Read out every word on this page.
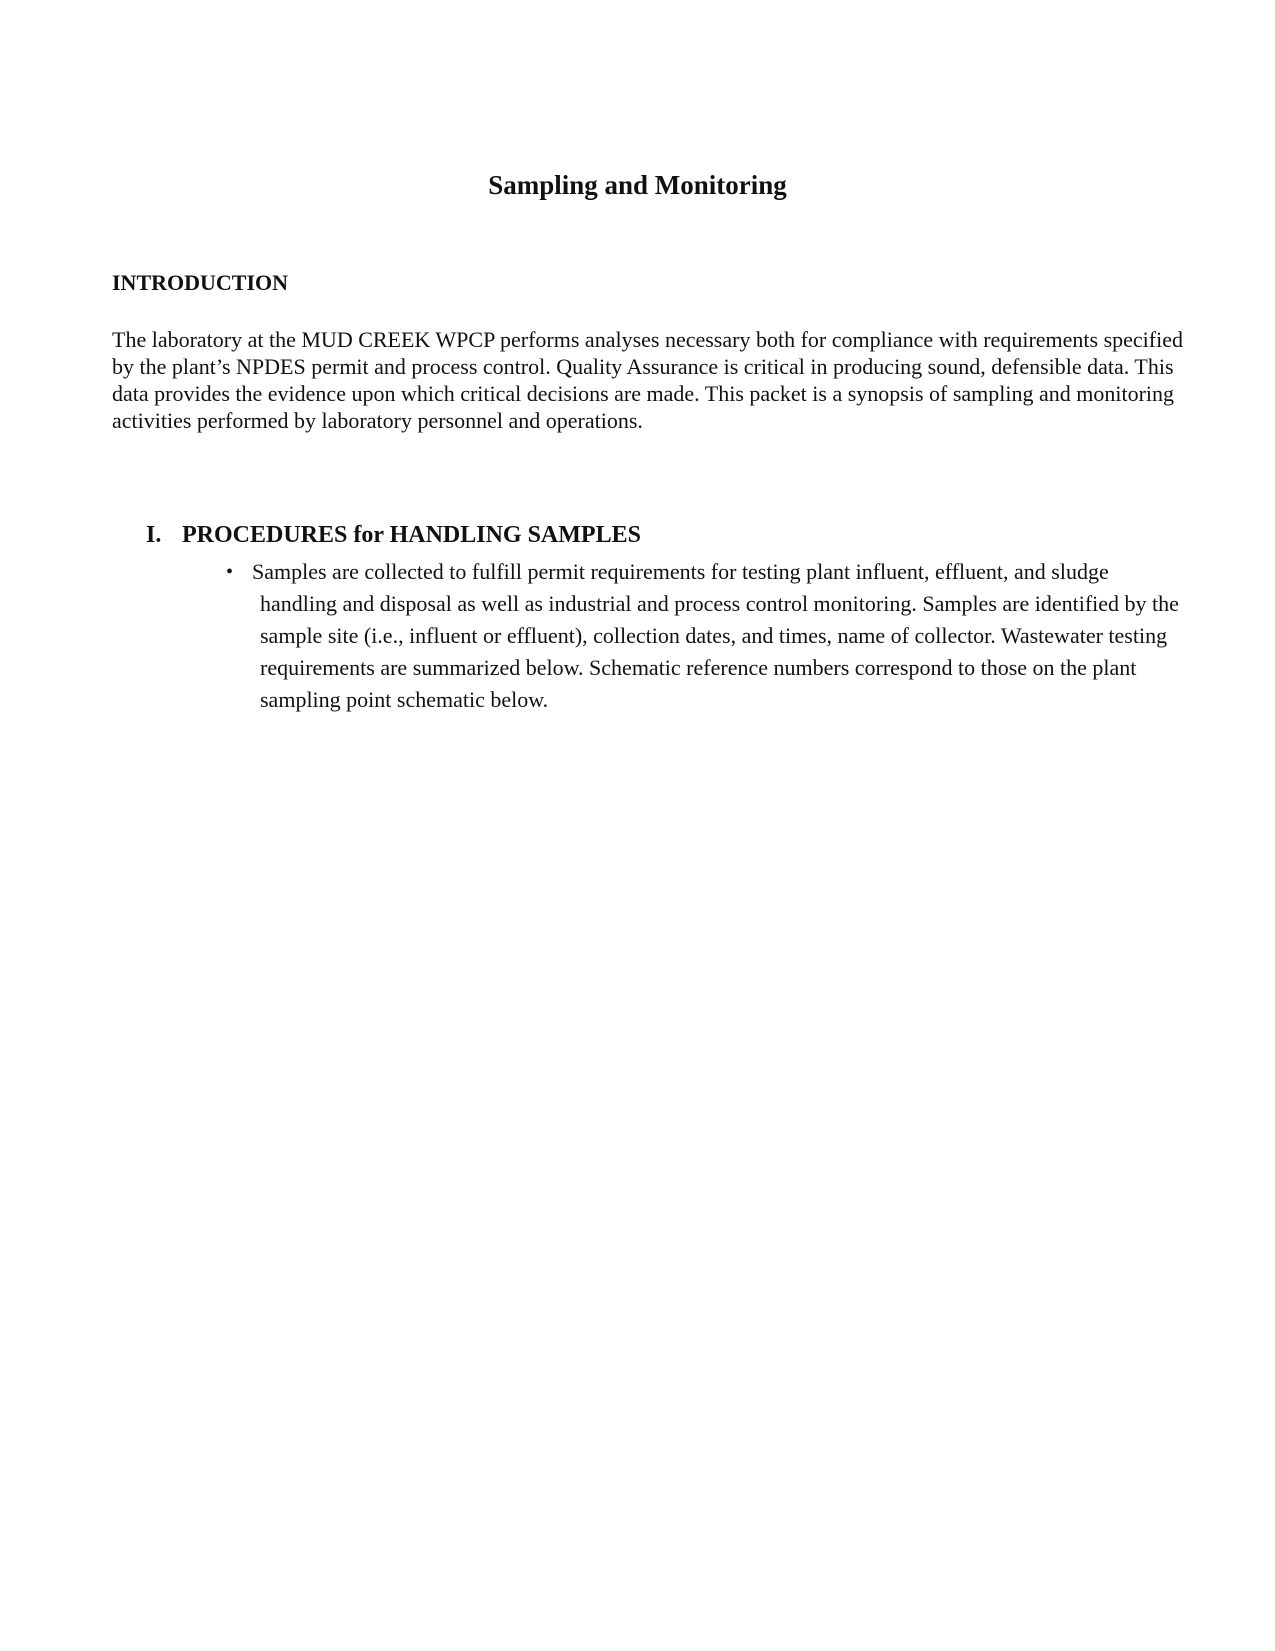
Sampling and Monitoring
INTRODUCTION

The laboratory at the MUD CREEK WPCP performs analyses necessary both for compliance with requirements specified by the plant’s NPDES permit and process control. Quality Assurance is critical in producing sound, defensible data. This data provides the evidence upon which critical decisions are made. This packet is a synopsis of sampling and monitoring activities performed by laboratory personnel and operations.

I. PROCEDURES for HANDLING SAMPLES
• Samples are collected to fulfill permit requirements for testing plant influent, effluent, and sludge handling and disposal as well as industrial and process control monitoring. Samples are identified by the sample site (i.e., influent or effluent), collection dates, and times, name of collector. Wastewater testing requirements are summarized below. Schematic reference numbers correspond to those on the plant sampling point schematic below.
